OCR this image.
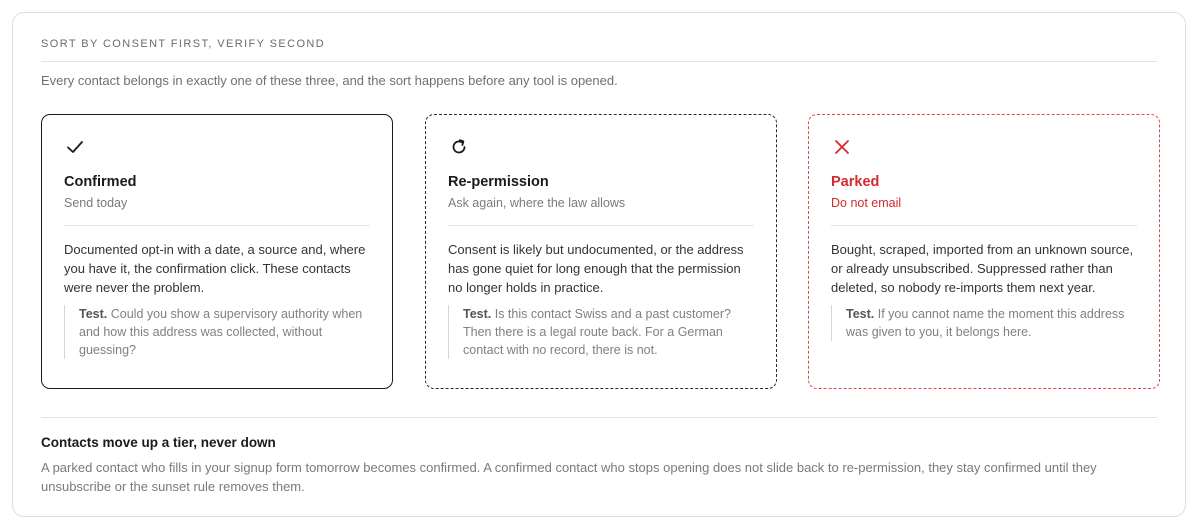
SORT BY CONSENT FIRST, VERIFY SECOND
Every contact belongs in exactly one of these three, and the sort happens before any tool is opened.
Confirmed
Send today
Documented opt-in with a date, a source and, where you have it, the confirmation click. These contacts were never the problem.
Test. Could you show a supervisory authority when and how this address was collected, without guessing?
Re-permission
Ask again, where the law allows
Consent is likely but undocumented, or the address has gone quiet for long enough that the permission no longer holds in practice.
Test. Is this contact Swiss and a past customer? Then there is a legal route back. For a German contact with no record, there is not.
Parked
Do not email
Bought, scraped, imported from an unknown source, or already unsubscribed. Suppressed rather than deleted, so nobody re-imports them next year.
Test. If you cannot name the moment this address was given to you, it belongs here.
Contacts move up a tier, never down
A parked contact who fills in your signup form tomorrow becomes confirmed. A confirmed contact who stops opening does not slide back to re-permission, they stay confirmed until they unsubscribe or the sunset rule removes them.
